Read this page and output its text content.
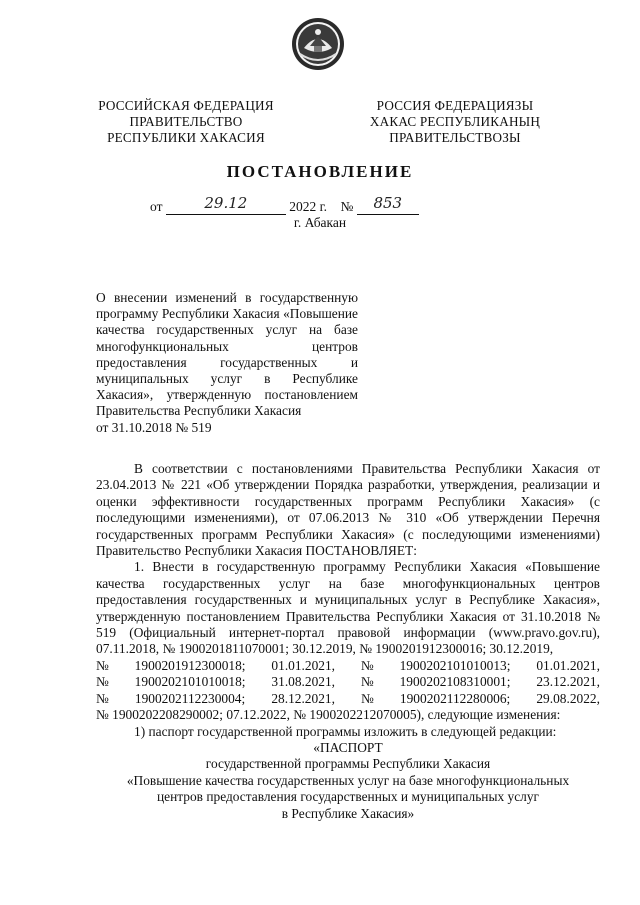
РОССИЙСКАЯ ФЕДЕРАЦИЯ
ПРАВИТЕЛЬСТВО
РЕСПУБЛИКИ ХАКАСИЯ
РОССИЯ ФЕДЕРАЦИЯЗЫ
ХАКАС РЕСПУБЛИКАНЫҢ
ПРАВИТЕЛЬСТВОЗЫ
ПОСТАНОВЛЕНИЕ
от	29.12	2022 г. № 853
г. Абакан

О внесении изменений в государственную программу Республики Хакасия «Повышение качества государственных услуг на базе многофункциональных центров предоставления государственных и муниципальных услуг в Республике Хакасия», утвержденную постановлением Правительства Республики Хакасия

от 31.10.2018 № 519

В соответствии с постановлениями Правительства Республики Хакасия от 23.04.2013 № 221 «Об утверждении Порядка разработки, утверждения, реализации и оценки эффективности государственных программ Республики Хакасия» (с последующими изменениями), от 07.06.2013 № 310 «Об утверждении Перечня государственных программ Республики Хакасия» (с последующими изменениями) Правительство Республики Хакасия ПОСТАНОВЛЯЕТ:

1. Внести в государственную программу Республики Хакасия «Повышение качества государственных услуг на базе многофункциональных центров предоставления государственных и муниципальных услуг в Республике Хакасия», утвержденную постановлением Правительства Республики Хакасия от 31.10.2018 № 519 (Официальный интернет-портал правовой информации (www.pravo.gov.ru), 07.11.2018, № 1900201811070001; 30.12.2019, № 1900201912300016; 30.12.2019,

№ 1900201912300018; 01.01.2021, № 1900202101010013; 01.01.2021,
№ 1900202101010018; 31.08.2021, № 1900202108310001; 23.12.2021,
№ 1900202112230004; 28.12.2021, № 1900202112280006; 29.08.2022,

№ 1900202208290002; 07.12.2022, № 1900202212070005), следующие изменения:

1) паспорт государственной программы изложить в следующей редакции:

«ПАСПОРТ

государственной программы Республики Хакасия

«Повышение качества государственных услуг на базе многофункциональных

центров предоставления государственных и муниципальных услуг

в Республике Хакасия»
